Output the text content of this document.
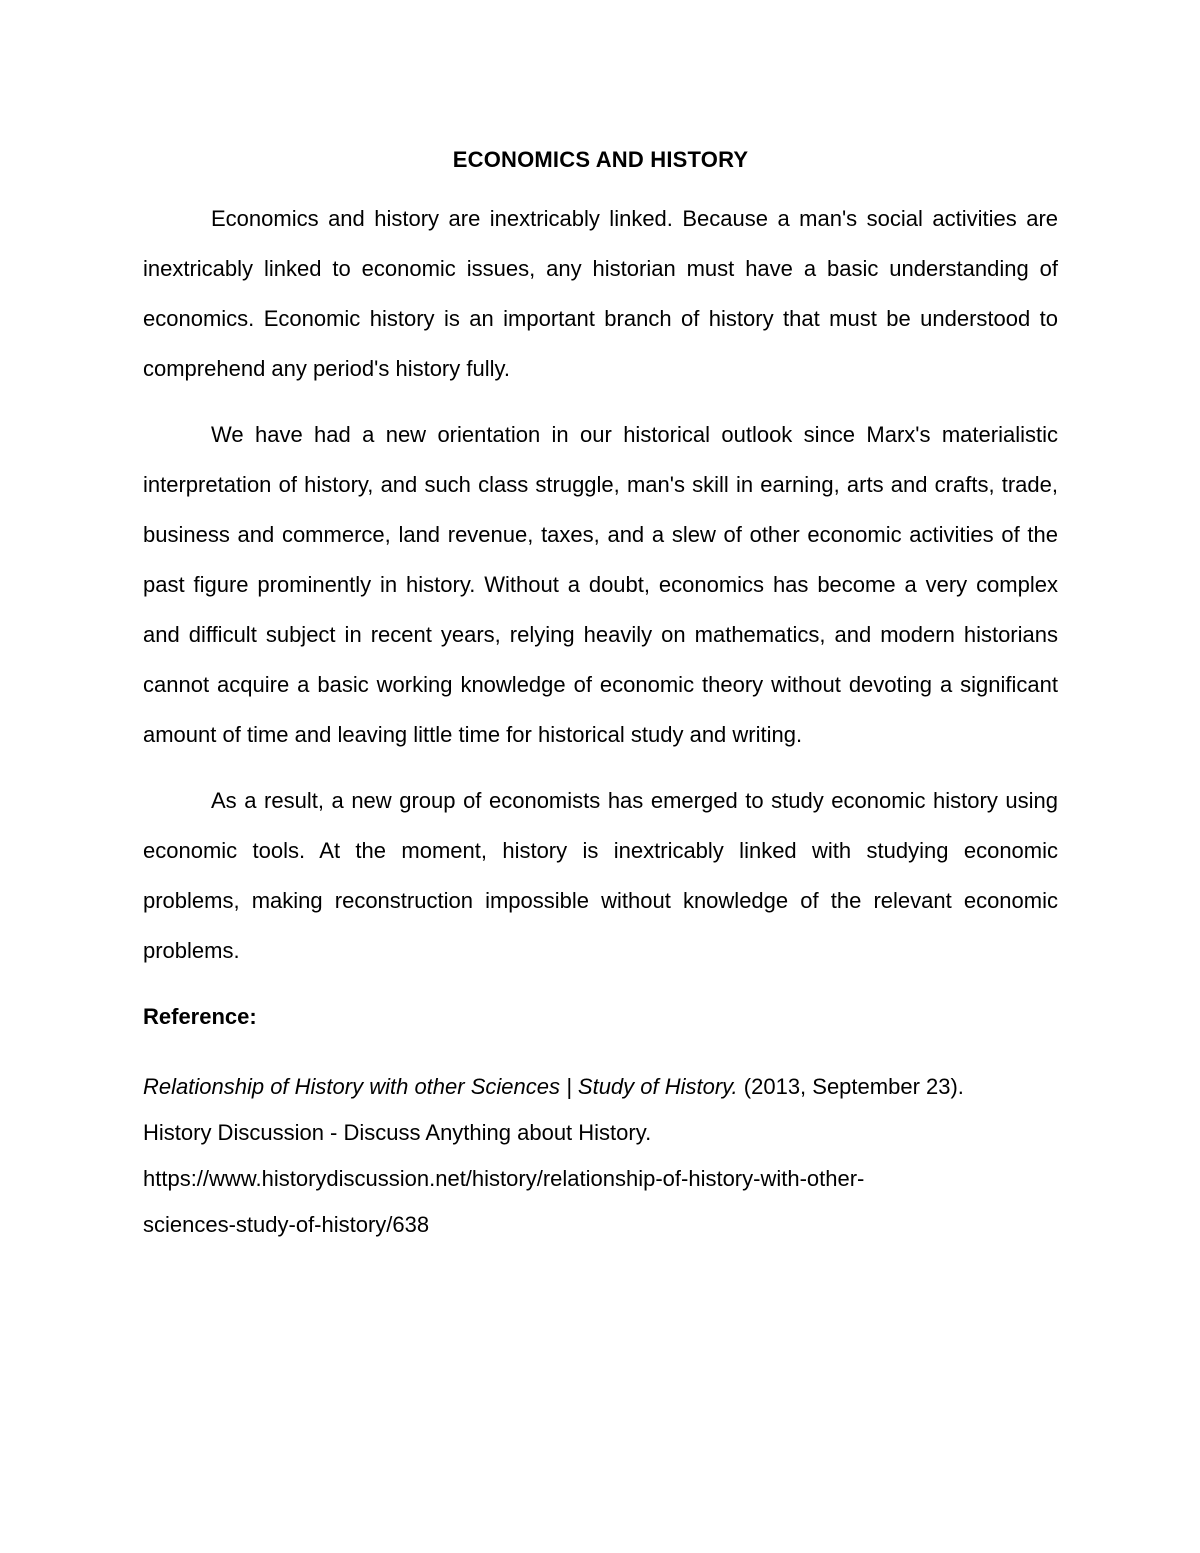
ECONOMICS AND HISTORY

Economics and history are inextricably linked. Because a man's social activities are inextricably linked to economic issues, any historian must have a basic understanding of economics. Economic history is an important branch of history that must be understood to comprehend any period's history fully.

We have had a new orientation in our historical outlook since Marx's materialistic interpretation of history, and such class struggle, man's skill in earning, arts and crafts, trade, business and commerce, land revenue, taxes, and a slew of other economic activities of the past figure prominently in history. Without a doubt, economics has become a very complex and difficult subject in recent years, relying heavily on mathematics, and modern historians cannot acquire a basic working knowledge of economic theory without devoting a significant amount of time and leaving little time for historical study and writing.

As a result, a new group of economists has emerged to study economic history using economic tools. At the moment, history is inextricably linked with studying economic problems, making reconstruction impossible without knowledge of the relevant economic problems.

Reference:
Relationship of History with other Sciences | Study of History. (2013, September 23).
History Discussion - Discuss Anything about History.
https://www.historydiscussion.net/history/relationship-of-history-with-other-
sciences-study-of-history/638
